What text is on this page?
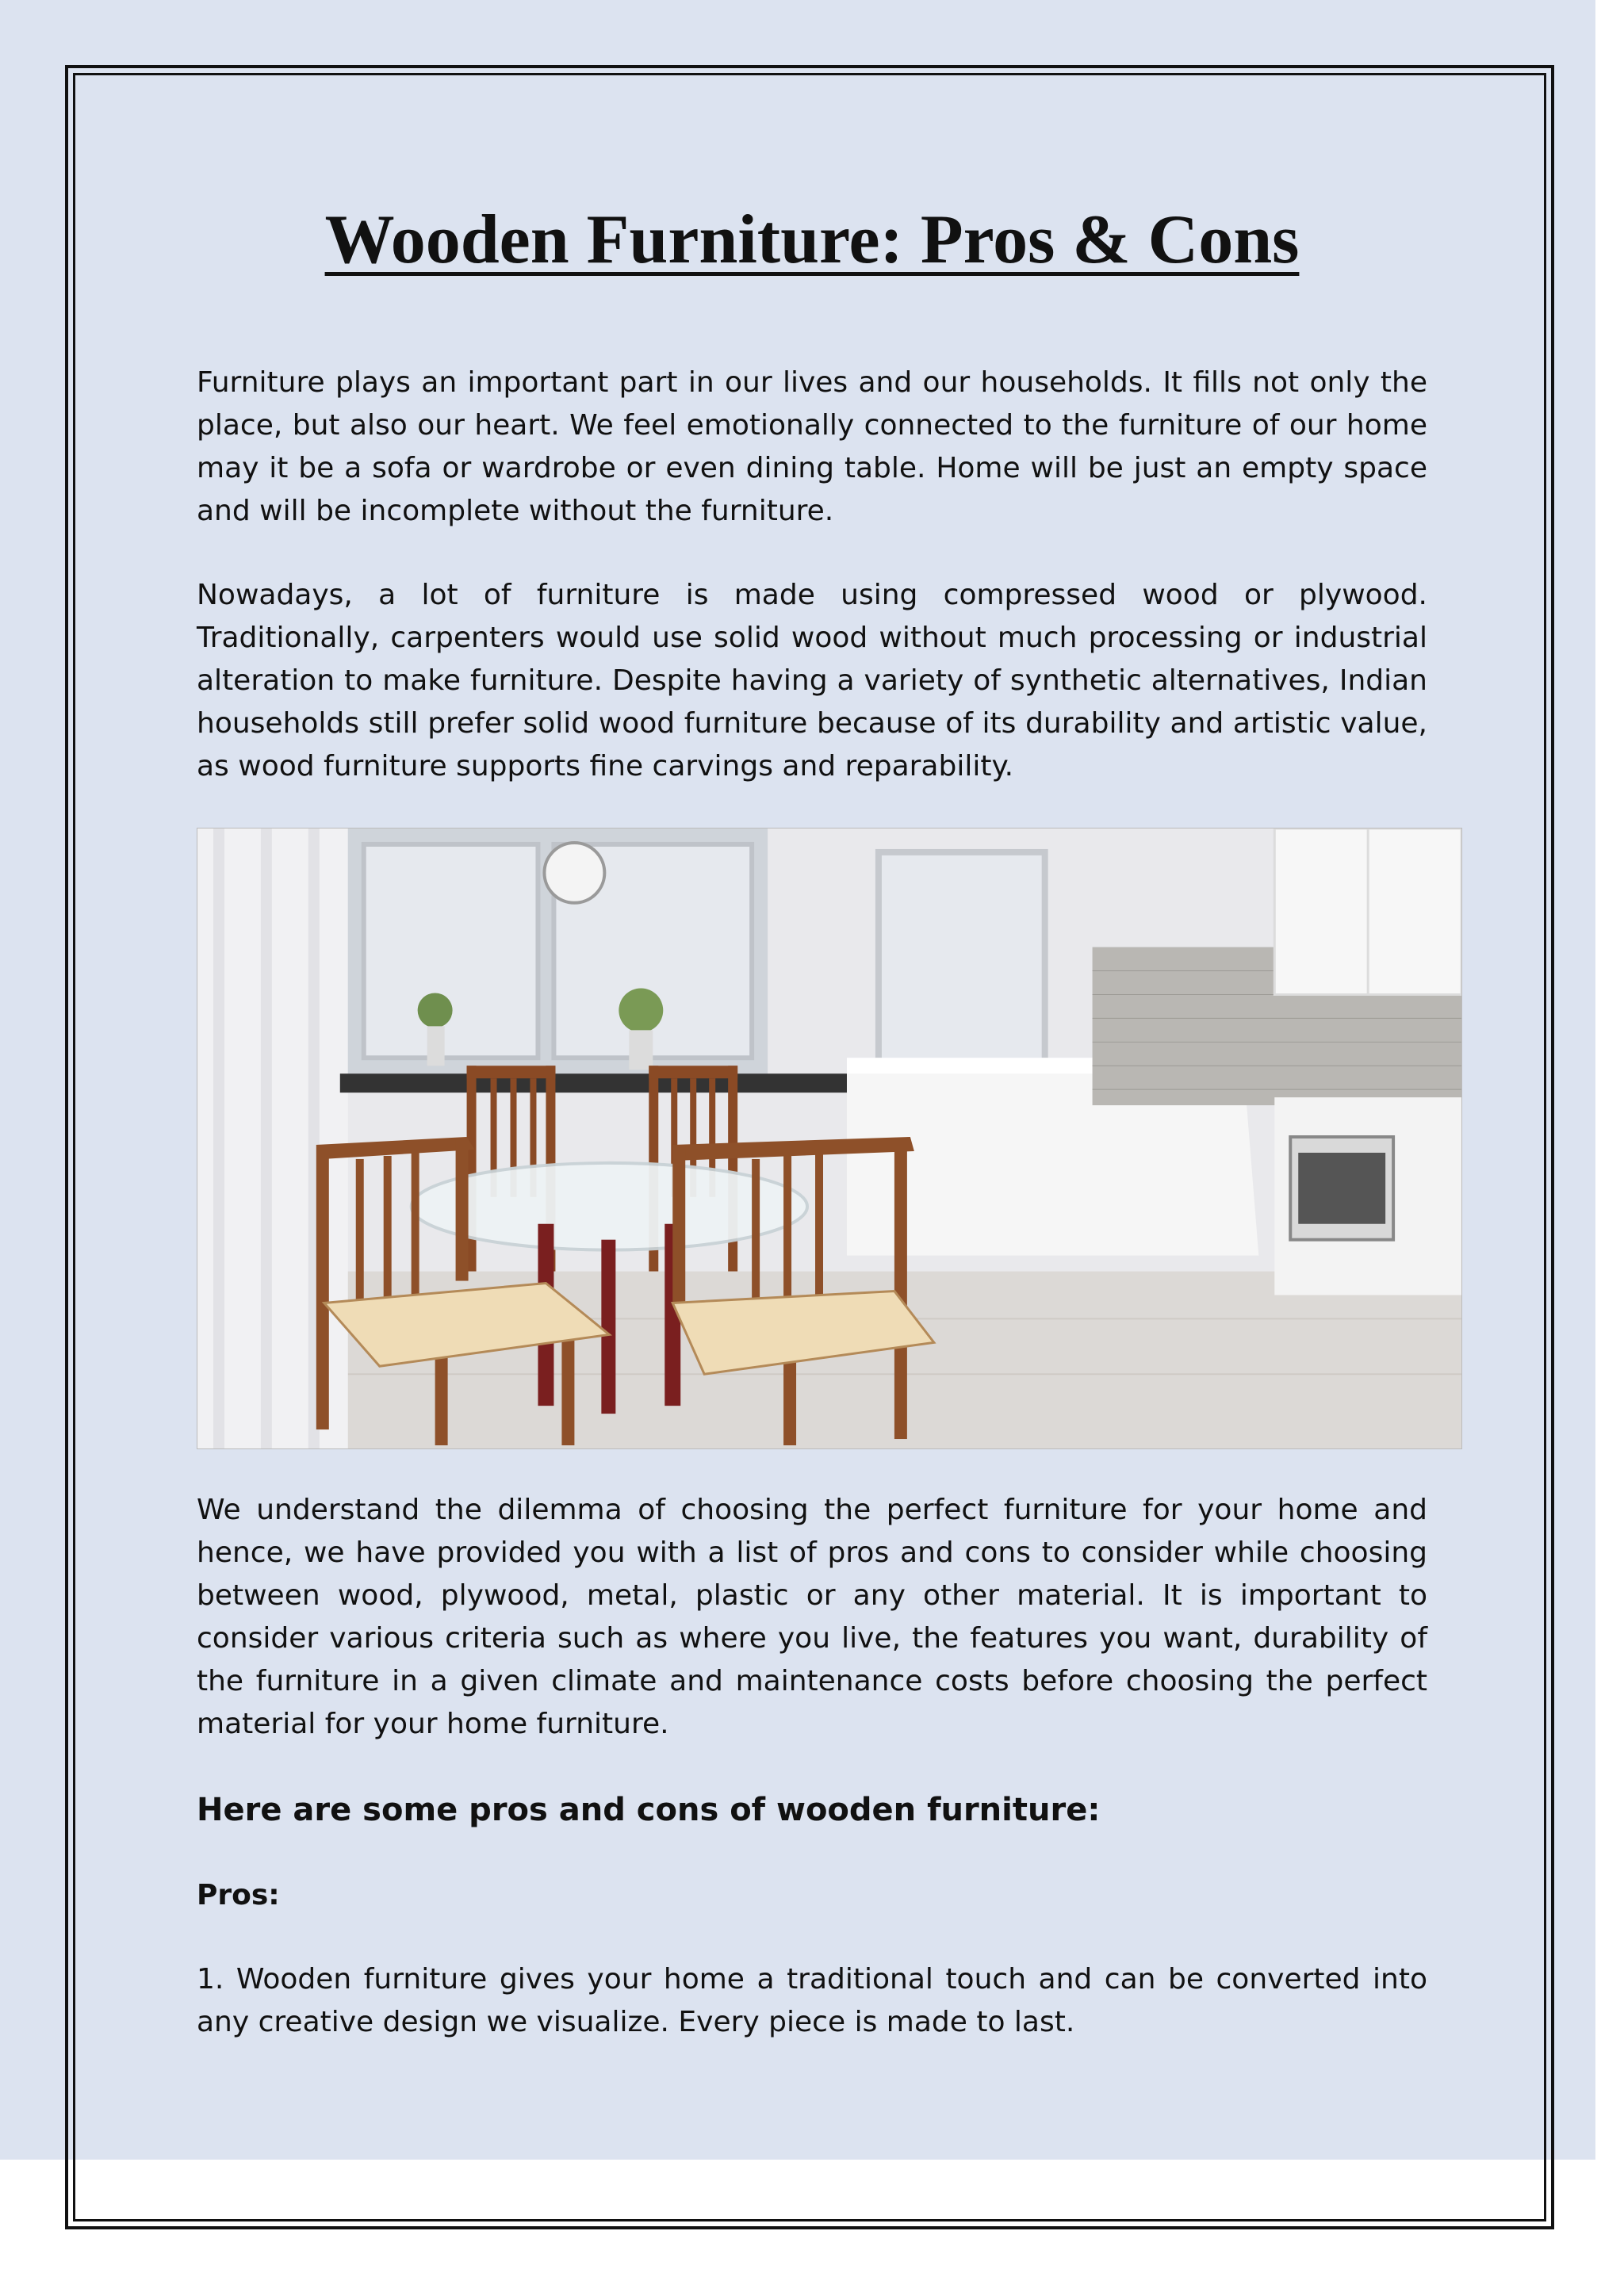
Wooden Furniture: Pros & Cons

Furniture plays an important part in our lives and our households. It fills not only the place, but also our heart. We feel emotionally connected to the furniture of our home may it be a sofa or wardrobe or even dining table. Home will be just an empty space and will be incomplete without the furniture.

Nowadays, a lot of furniture is made using compressed wood or plywood. Traditionally, carpenters would use solid wood without much processing or industrial alteration to make furniture. Despite having a variety of synthetic alternatives, Indian households still prefer solid wood furniture because of its durability and artistic value, as wood furniture supports fine carvings and reparability.

We understand the dilemma of choosing the perfect furniture for your home and hence, we have provided you with a list of pros and cons to consider while choosing between wood, plywood, metal, plastic or any other material. It is important to consider various criteria such as where you live, the features you want, durability of the furniture in a given climate and maintenance costs before choosing the perfect material for your home furniture.

Here are some pros and cons of wooden furniture:
Pros:

1. Wooden furniture gives your home a traditional touch and can be converted into any creative design we visualize. Every piece is made to last.
